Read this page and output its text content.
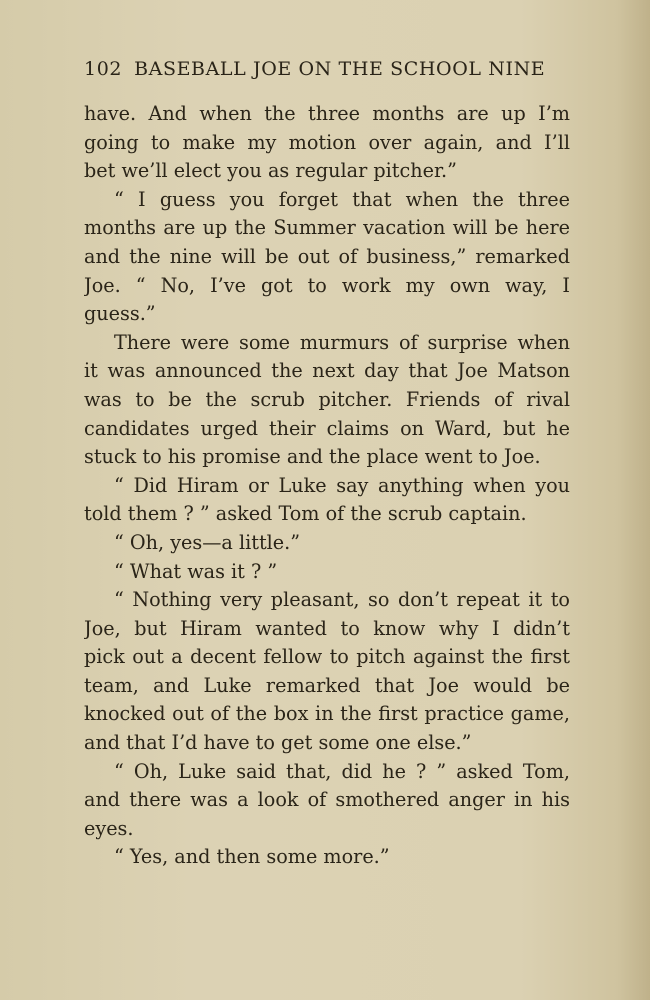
102 BASEBALL JOE ON THE SCHOOL NINE
have. And when the three months are up I’m
going to make my motion over again, and I’ll
bet we’ll elect you as regular pitcher.”
“ I guess you forget that when the three
months are up the Summer vacation will be here
and the nine will be out of business,” remarked
Joe. “ No, I’ve got to work my own way, I
guess.”
There were some murmurs of surprise when
it was announced the next day that Joe Matson
was to be the scrub pitcher. Friends of rival
candidates urged their claims on Ward, but he
stuck to his promise and the place went to Joe.
“ Did Hiram or Luke say anything when you
told them ? ” asked Tom of the scrub captain.
“ Oh, yes—a little.”
“ What was it ? ”
“ Nothing very pleasant, so don’t repeat it to
Joe, but Hiram wanted to know why I didn’t
pick out a decent fellow to pitch against the first
team, and Luke remarked that Joe would be
knocked out of the box in the first practice game,
and that I’d have to get some one else.”
“ Oh, Luke said that, did he ? ” asked Tom,
and there was a look of smothered anger in his
eyes.
“ Yes, and then some more.”
